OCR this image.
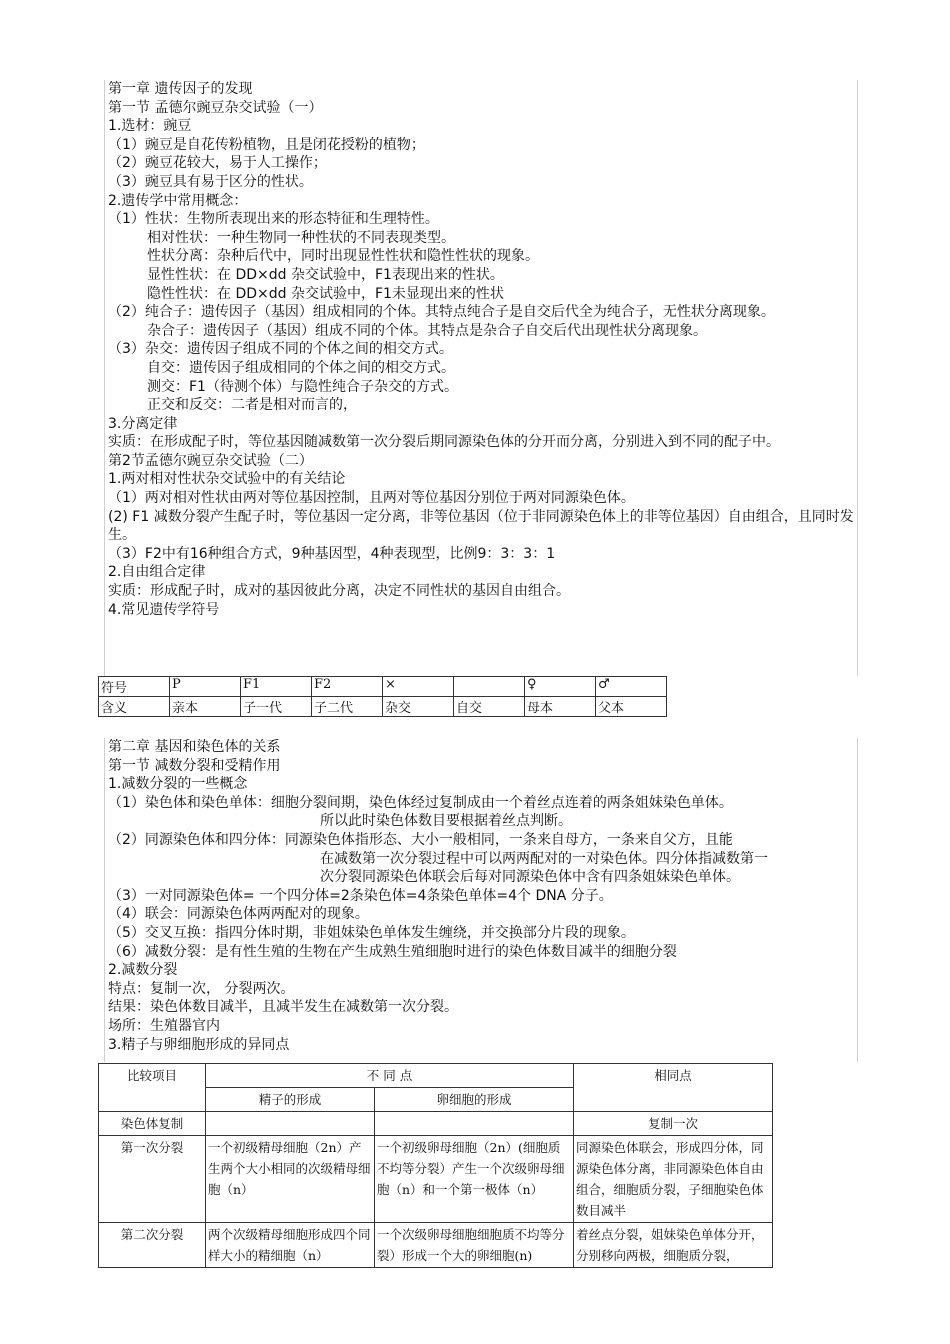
第一章 遗传因子的发现
第一节 孟德尔豌豆杂交试验（一）
1.选材：豌豆
（1）豌豆是自花传粉植物，且是闭花授粉的植物；
（2）豌豆花较大，易于人工操作；
（3）豌豆具有易于区分的性状。
2.遗传学中常用概念：
（1）性状：生物所表现出来的形态特征和生理特性。
相对性状：一种生物同一种性状的不同表现类型。
性状分离：杂种后代中，同时出现显性性状和隐性性状的现象。
显性性状：在 DD×dd 杂交试验中，F1表现出来的性状。
隐性性状：在 DD×dd 杂交试验中，F1未显现出来的性状
（2）纯合子：遗传因子（基因）组成相同的个体。其特点纯合子是自交后代全为纯合子，无性状分离现象。
杂合子：遗传因子（基因）组成不同的个体。其特点是杂合子自交后代出现性状分离现象。
（3）杂交：遗传因子组成不同的个体之间的相交方式。
自交：遗传因子组成相同的个体之间的相交方式。
测交：F1（待测个体）与隐性纯合子杂交的方式。
正交和反交：二者是相对而言的，
3.分离定律
实质：在形成配子时，等位基因随减数第一次分裂后期同源染色体的分开而分离，分别进入到不同的配子中。
第2节孟德尔豌豆杂交试验（二）
1.两对相对性状杂交试验中的有关结论
（1）两对相对性状由两对等位基因控制，且两对等位基因分别位于两对同源染色体。
(2) F1 减数分裂产生配子时，等位基因一定分离，非等位基因（位于非同源染色体上的非等位基因）自由组合，且同时发生。
（3）F2中有16种组合方式，9种基因型，4种表现型，比例9：3：3：1
2.自由组合定律
实质：形成配子时，成对的基因彼此分离，决定不同性状的基因自由组合。
4.常见遗传学符号
符号	P	F1	F2	×		♀	♂
含义	亲本	子一代	子二代	杂交	自交	母本	父本
第二章 基因和染色体的关系
第一节 减数分裂和受精作用
1.减数分裂的一些概念
（1）染色体和染色单体：细胞分裂间期，染色体经过复制成由一个着丝点连着的两条姐妹染色单体。
所以此时染色体数目要根据着丝点判断。
（2）同源染色体和四分体：同源染色体指形态、大小一般相同，一条来自母方，一条来自父方，且能
在减数第一次分裂过程中可以两两配对的一对染色体。四分体指减数第一
次分裂同源染色体联会后每对同源染色体中含有四条姐妹染色单体。
（3）一对同源染色体= 一个四分体=2条染色体=4条染色单体=4个 DNA 分子。
（4）联会：同源染色体两两配对的现象。
（5）交叉互换：指四分体时期，非姐妹染色单体发生缠绕，并交换部分片段的现象。
（6）减数分裂：是有性生殖的生物在产生成熟生殖细胞时进行的染色体数目减半的细胞分裂
2.减数分裂
特点：复制一次， 分裂两次。
结果：染色体数目减半，且减半发生在减数第一次分裂。
场所：生殖器官内
3.精子与卵细胞形成的异同点
比较项目	不 同 点		相同点
	精子的形成	卵细胞的形成	
染色体复制			复制一次
第一次分裂	一个初级精母细胞（2n）产生两个大小相同的次级精母细胞（n）	一个初级卵母细胞（2n）(细胞质不均等分裂）产生一个次级卵母细胞（n）和一个第一极体（n）	同源染色体联会，形成四分体，同源染色体分离，非同源染色体自由组合，细胞质分裂，子细胞染色体数目减半
第二次分裂	两个次级精母细胞形成四个同样大小的精细胞（n）	一个次级卵母细胞细胞质不均等分裂）形成一个大的卵细胞(n)	着丝点分裂，姐妹染色单体分开，分别移向两极，细胞质分裂，
